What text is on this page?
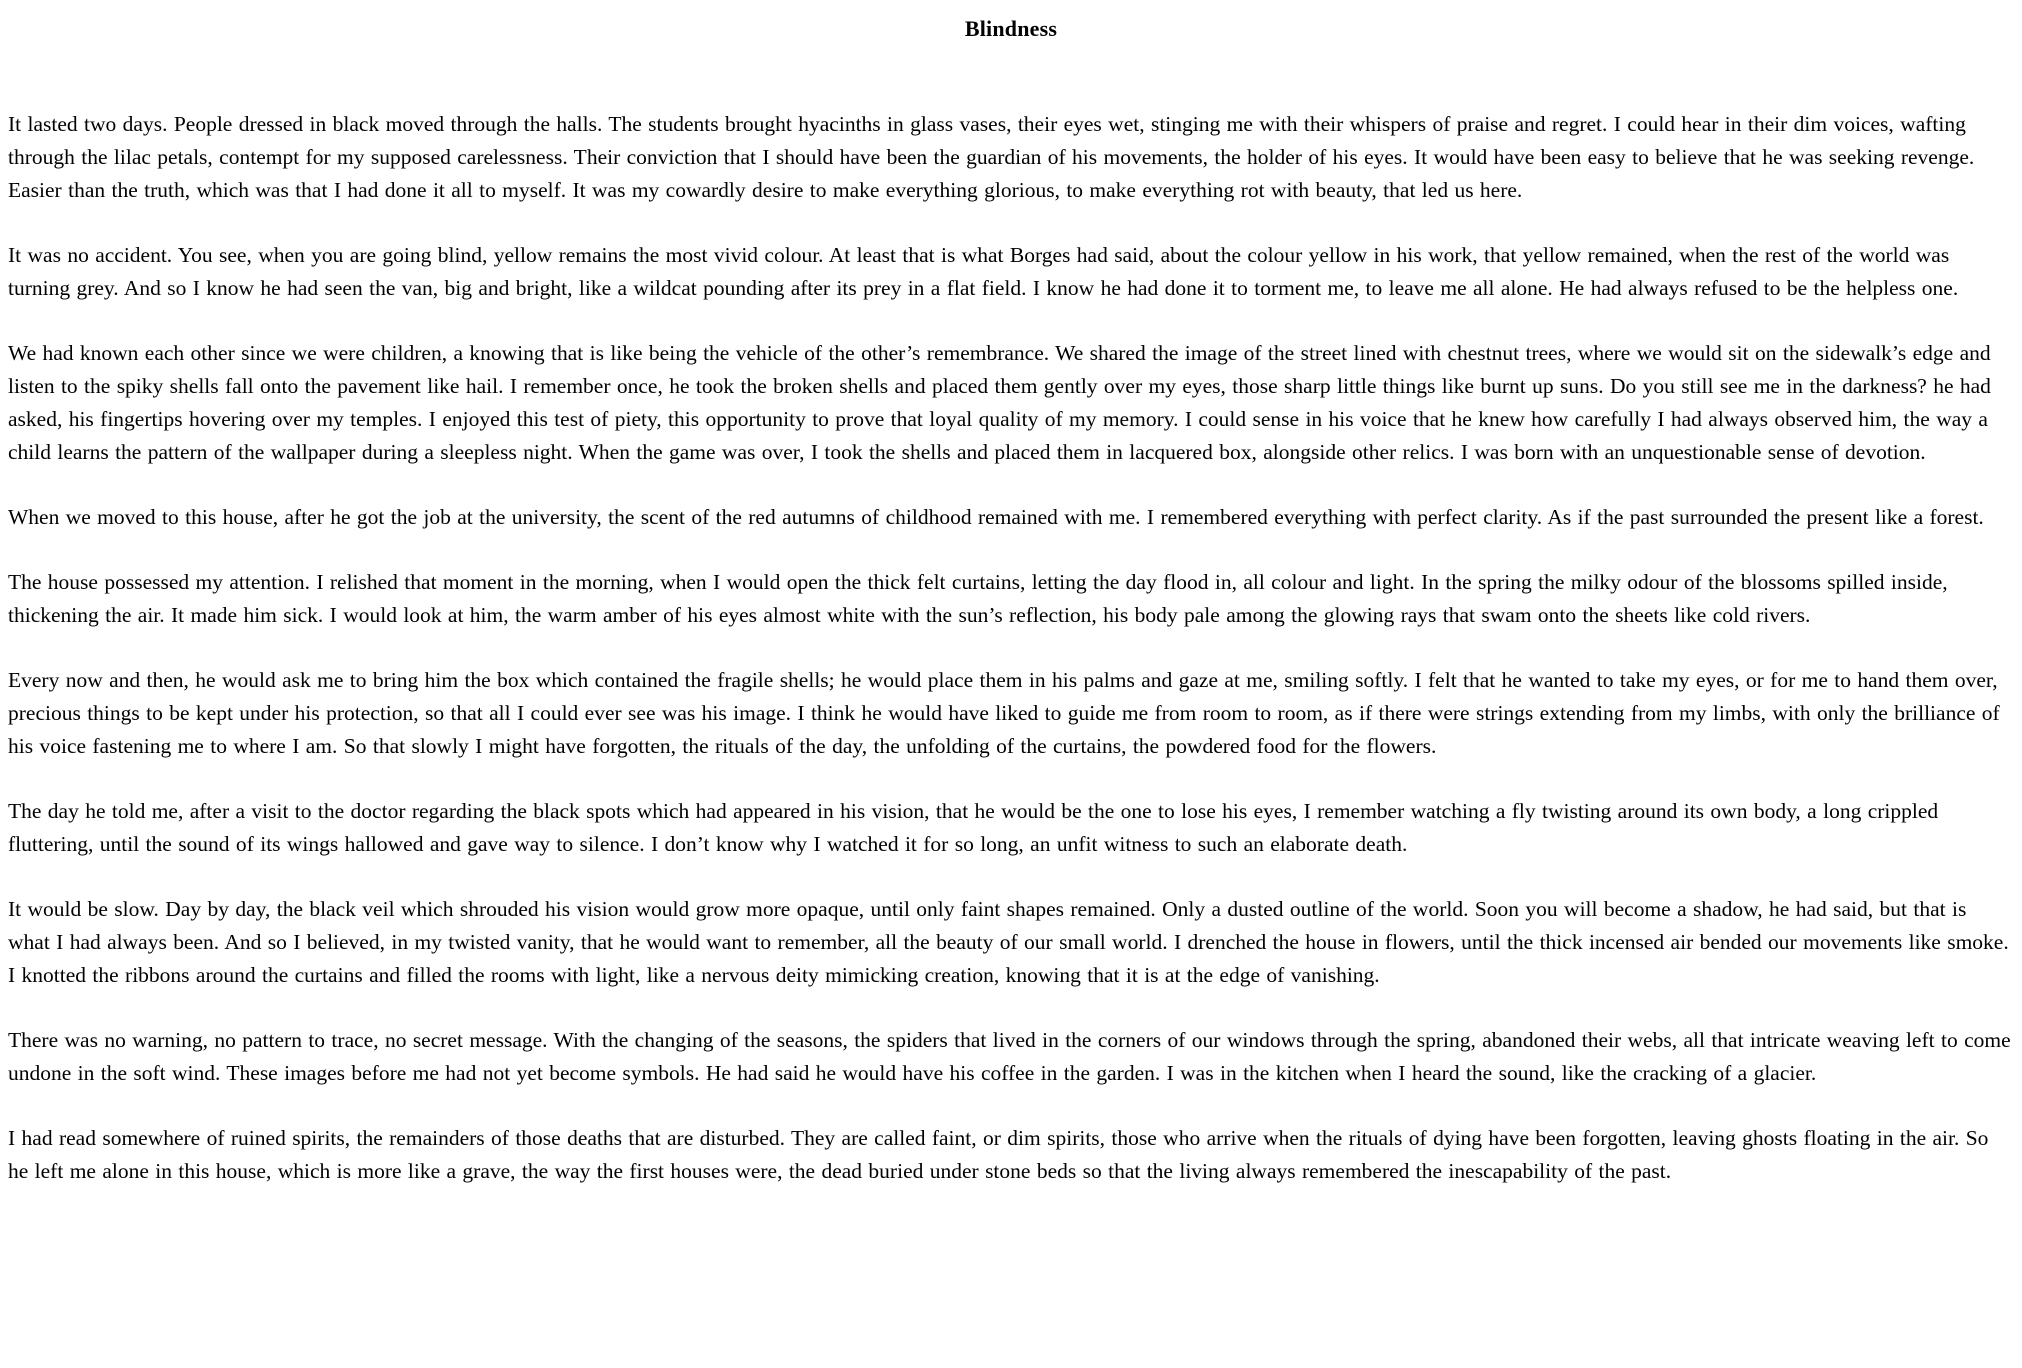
Blindness

It lasted two days. People dressed in black moved through the halls. The students brought hyacinths in glass vases, their eyes wet, stinging me with their whispers of praise and regret. I could hear in their dim voices, wafting through the lilac petals, contempt for my supposed carelessness. Their conviction that I should have been the guardian of his movements, the holder of his eyes. It would have been easy to believe that he was seeking revenge. Easier than the truth, which was that I had done it all to myself. It was my cowardly desire to make everything glorious, to make everything rot with beauty, that led us here.

It was no accident. You see, when you are going blind, yellow remains the most vivid colour. At least that is what Borges had said, about the colour yellow in his work, that yellow remained, when the rest of the world was turning grey. And so I know he had seen the van, big and bright, like a wildcat pounding after its prey in a flat field. I know he had done it to torment me, to leave me all alone. He had always refused to be the helpless one.

We had known each other since we were children, a knowing that is like being the vehicle of the other’s remembrance. We shared the image of the street lined with chestnut trees, where we would sit on the sidewalk’s edge and listen to the spiky shells fall onto the pavement like hail. I remember once, he took the broken shells and placed them gently over my eyes, those sharp little things like burnt up suns. Do you still see me in the darkness? he had asked, his fingertips hovering over my temples. I enjoyed this test of piety, this opportunity to prove that loyal quality of my memory. I could sense in his voice that he knew how carefully I had always observed him, the way a child learns the pattern of the wallpaper during a sleepless night. When the game was over, I took the shells and placed them in lacquered box, alongside other relics. I was born with an unquestionable sense of devotion.

When we moved to this house, after he got the job at the university, the scent of the red autumns of childhood remained with me. I remembered everything with perfect clarity. As if the past surrounded the present like a forest.

The house possessed my attention. I relished that moment in the morning, when I would open the thick felt curtains, letting the day flood in, all colour and light. In the spring the milky odour of the blossoms spilled inside, thickening the air. It made him sick. I would look at him, the warm amber of his eyes almost white with the sun’s reflection, his body pale among the glowing rays that swam onto the sheets like cold rivers.

Every now and then, he would ask me to bring him the box which contained the fragile shells; he would place them in his palms and gaze at me, smiling softly. I felt that he wanted to take my eyes, or for me to hand them over, precious things to be kept under his protection, so that all I could ever see was his image. I think he would have liked to guide me from room to room, as if there were strings extending from my limbs, with only the brilliance of his voice fastening me to where I am. So that slowly I might have forgotten, the rituals of the day, the unfolding of the curtains, the powdered food for the flowers.

The day he told me, after a visit to the doctor regarding the black spots which had appeared in his vision, that he would be the one to lose his eyes, I remember watching a fly twisting around its own body, a long crippled fluttering, until the sound of its wings hallowed and gave way to silence. I don’t know why I watched it for so long, an unfit witness to such an elaborate death.

It would be slow. Day by day, the black veil which shrouded his vision would grow more opaque, until only faint shapes remained. Only a dusted outline of the world. Soon you will become a shadow, he had said, but that is what I had always been. And so I believed, in my twisted vanity, that he would want to remember, all the beauty of our small world. I drenched the house in flowers, until the thick incensed air bended our movements like smoke. I knotted the ribbons around the curtains and filled the rooms with light, like a nervous deity mimicking creation, knowing that it is at the edge of vanishing.

There was no warning, no pattern to trace, no secret message. With the changing of the seasons, the spiders that lived in the corners of our windows through the spring, abandoned their webs, all that intricate weaving left to come undone in the soft wind. These images before me had not yet become symbols. He had said he would have his coffee in the garden. I was in the kitchen when I heard the sound, like the cracking of a glacier.

I had read somewhere of ruined spirits, the remainders of those deaths that are disturbed. They are called faint, or dim spirits, those who arrive when the rituals of dying have been forgotten, leaving ghosts floating in the air. So he left me alone in this house, which is more like a grave, the way the first houses were, the dead buried under stone beds so that the living always remembered the inescapability of the past.
